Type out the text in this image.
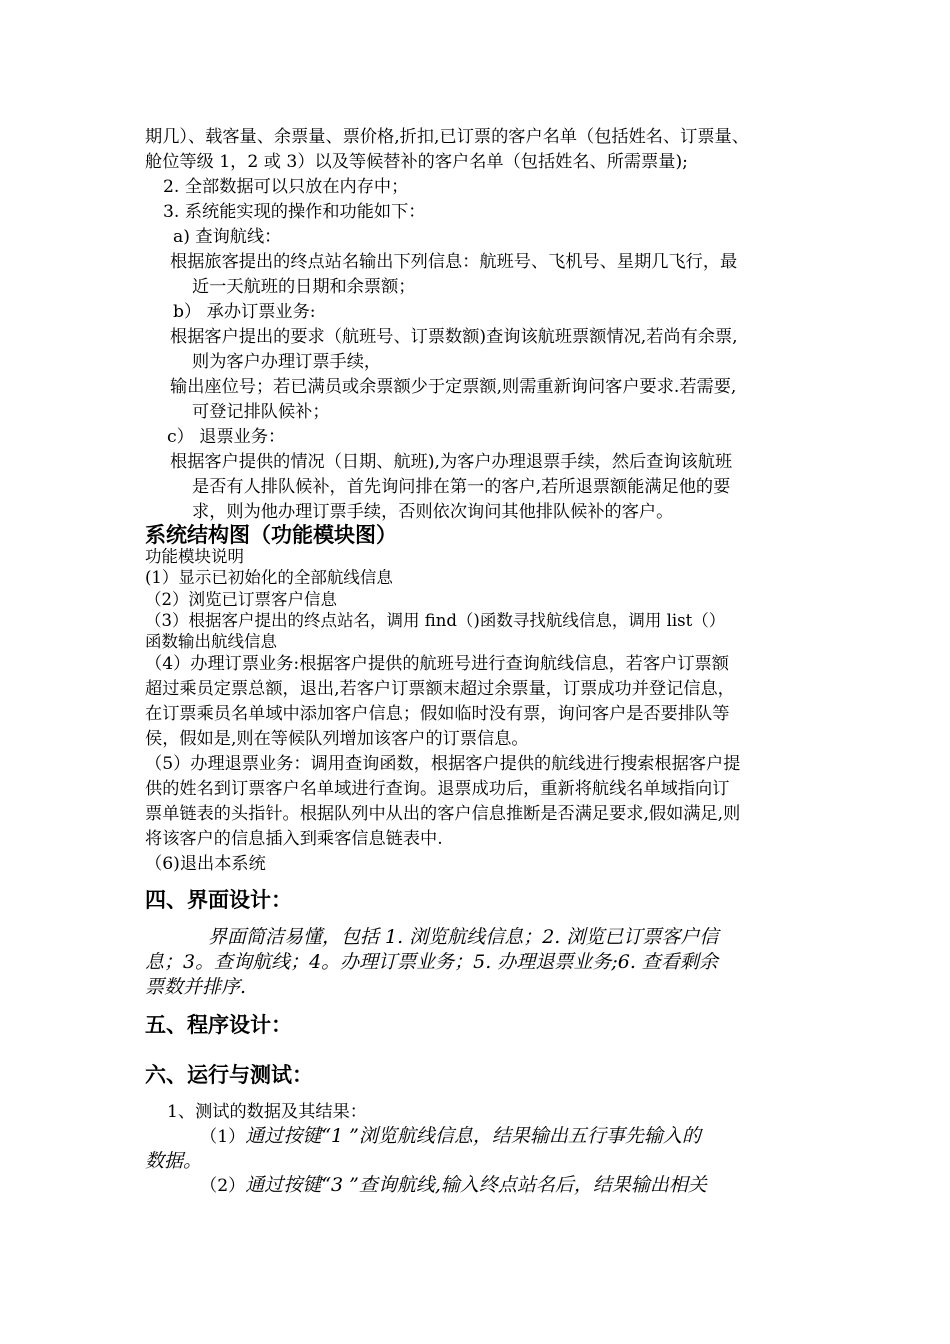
期几）、载客量、余票量、票价格,折扣,已订票的客户名单（包括姓名、订票量、
舱位等级 1，2 或 3）以及等候替补的客户名单（包括姓名、所需票量);
2. 全部数据可以只放在内存中；
3. 系统能实现的操作和功能如下：
a) 查询航线：
根据旅客提出的终点站名输出下列信息：航班号、飞机号、星期几飞行，最
近一天航班的日期和余票额；
b） 承办订票业务:
根据客户提出的要求（航班号、订票数额)查询该航班票额情况,若尚有余票,
则为客户办理订票手续，
输出座位号；若已满员或余票额少于定票额,则需重新询问客户要求.若需要,
可登记排队候补；
c） 退票业务：
根据客户提供的情况（日期、航班),为客户办理退票手续，然后查询该航班
是否有人排队候补，首先询问排在第一的客户,若所退票额能满足他的要
求，则为他办理订票手续，否则依次询问其他排队候补的客户。
系统结构图（功能模块图）
功能模块说明
(1）显示已初始化的全部航线信息
（2）浏览已订票客户信息
（3）根据客户提出的终点站名，调用 find（)函数寻找航线信息，调用 list（）
函数输出航线信息
（4）办理订票业务:根据客户提供的航班号进行查询航线信息，若客户订票额
超过乘员定票总额，退出,若客户订票额末超过余票量，订票成功并登记信息，
在订票乘员名单域中添加客户信息；假如临时没有票，询问客户是否要排队等
侯，假如是,则在等候队列增加该客户的订票信息。
（5）办理退票业务：调用查询函数，根据客户提供的航线进行搜索根据客户提
供的姓名到订票客户名单域进行查询。退票成功后，重新将航线名单域指向订
票单链表的头指针。根据队列中从出的客户信息推断是否满足要求,假如满足,则
将该客户的信息插入到乘客信息链表中.
（6)退出本系统
四、界面设计：
界面简洁易懂，包括 1. 浏览航线信息；2. 浏览已订票客户信
息；3。查询航线；4。办理订票业务；5. 办理退票业务;6. 查看剩余
票数并排序.
五、程序设计：
六、运行与测试：
1、测试的数据及其结果：
（1）通过按键“1 ”浏览航线信息，结果输出五行事先输入的
数据。
（2）通过按键“3 ”查询航线,输入终点站名后，结果输出相关
